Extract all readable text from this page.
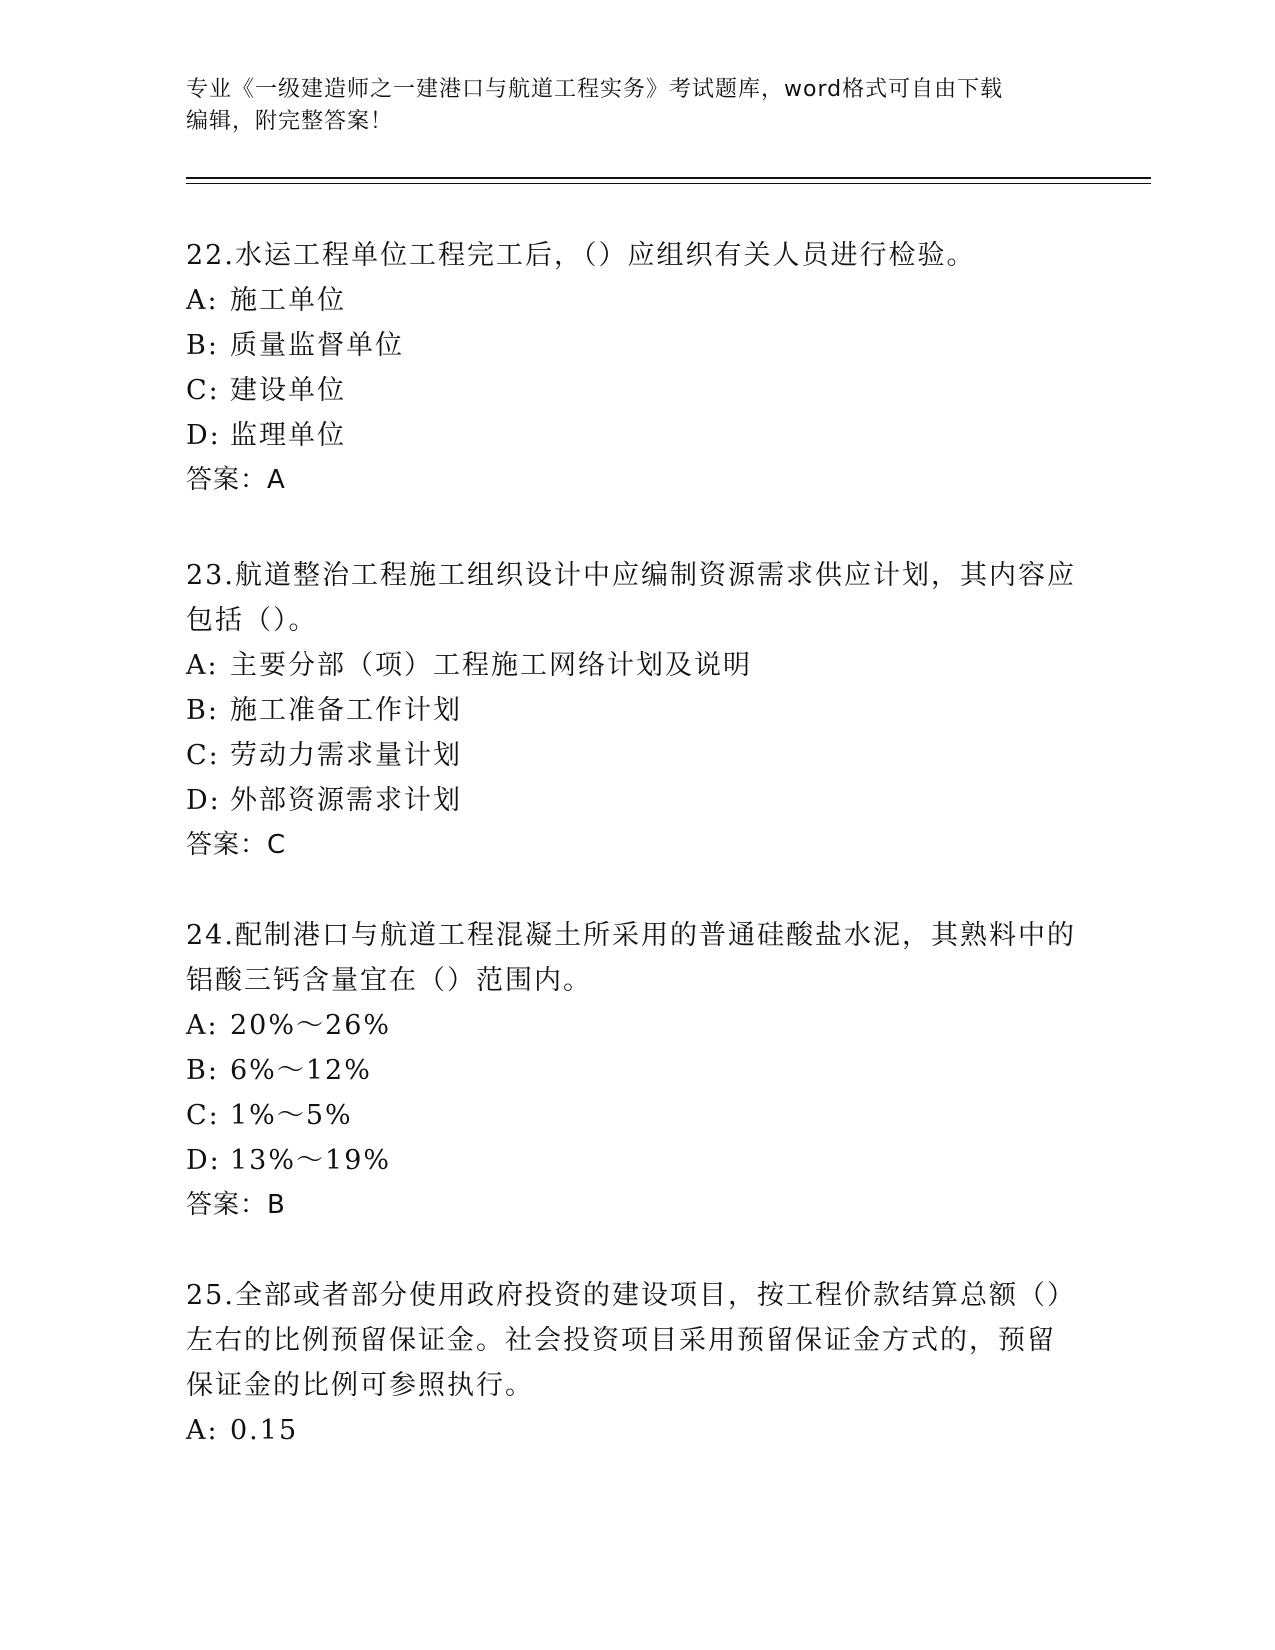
专业《一级建造师之一建港口与航道工程实务》考试题库，word格式可自由下载
编辑，附完整答案！
22.水运工程单位工程完工后，（）应组织有关人员进行检验。
A: 施工单位
B: 质量监督单位
C: 建设单位
D: 监理单位
答案：A
23.航道整治工程施工组织设计中应编制资源需求供应计划，其内容应
包括（）。
A: 主要分部（项）工程施工网络计划及说明
B: 施工准备工作计划
C: 劳动力需求量计划
D: 外部资源需求计划
答案：C
24.配制港口与航道工程混凝土所采用的普通硅酸盐水泥，其熟料中的
铝酸三钙含量宜在（）范围内。
A: 20%～26%
B: 6%～12%
C: 1%～5%
D: 13%～19%
答案：B
25.全部或者部分使用政府投资的建设项目，按工程价款结算总额（）
左右的比例预留保证金。社会投资项目采用预留保证金方式的，预留
保证金的比例可参照执行。
A: 0.15
